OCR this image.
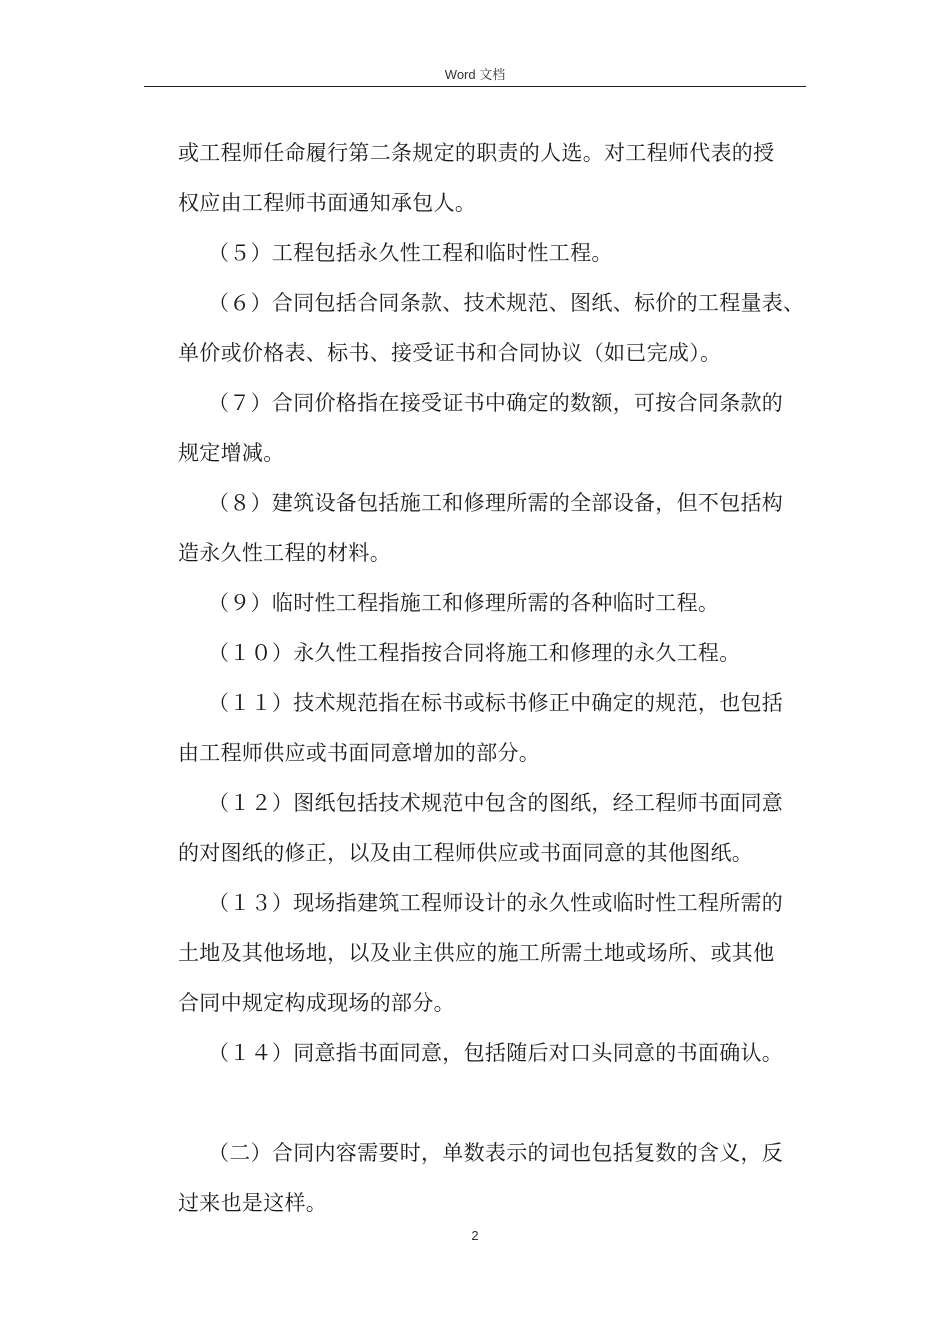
Word 文档
或工程师任命履行第二条规定的职责的人选。对工程师代表的授
权应由工程师书面通知承包人。
（５）工程包括永久性工程和临时性工程。
（６）合同包括合同条款、技术规范、图纸、标价的工程量表、
单价或价格表、标书、接受证书和合同协议（如已完成）。
（７）合同价格指在接受证书中确定的数额，可按合同条款的
规定增减。
（８）建筑设备包括施工和修理所需的全部设备，但不包括构
造永久性工程的材料。
（９）临时性工程指施工和修理所需的各种临时工程。
（１０）永久性工程指按合同将施工和修理的永久工程。
（１１）技术规范指在标书或标书修正中确定的规范，也包括
由工程师供应或书面同意增加的部分。
（１２）图纸包括技术规范中包含的图纸，经工程师书面同意
的对图纸的修正，以及由工程师供应或书面同意的其他图纸。
（１３）现场指建筑工程师设计的永久性或临时性工程所需的
土地及其他场地，以及业主供应的施工所需土地或场所、或其他
合同中规定构成现场的部分。
（１４）同意指书面同意，包括随后对口头同意的书面确认。
（二）合同内容需要时，单数表示的词也包括复数的含义，反
过来也是这样。
2
